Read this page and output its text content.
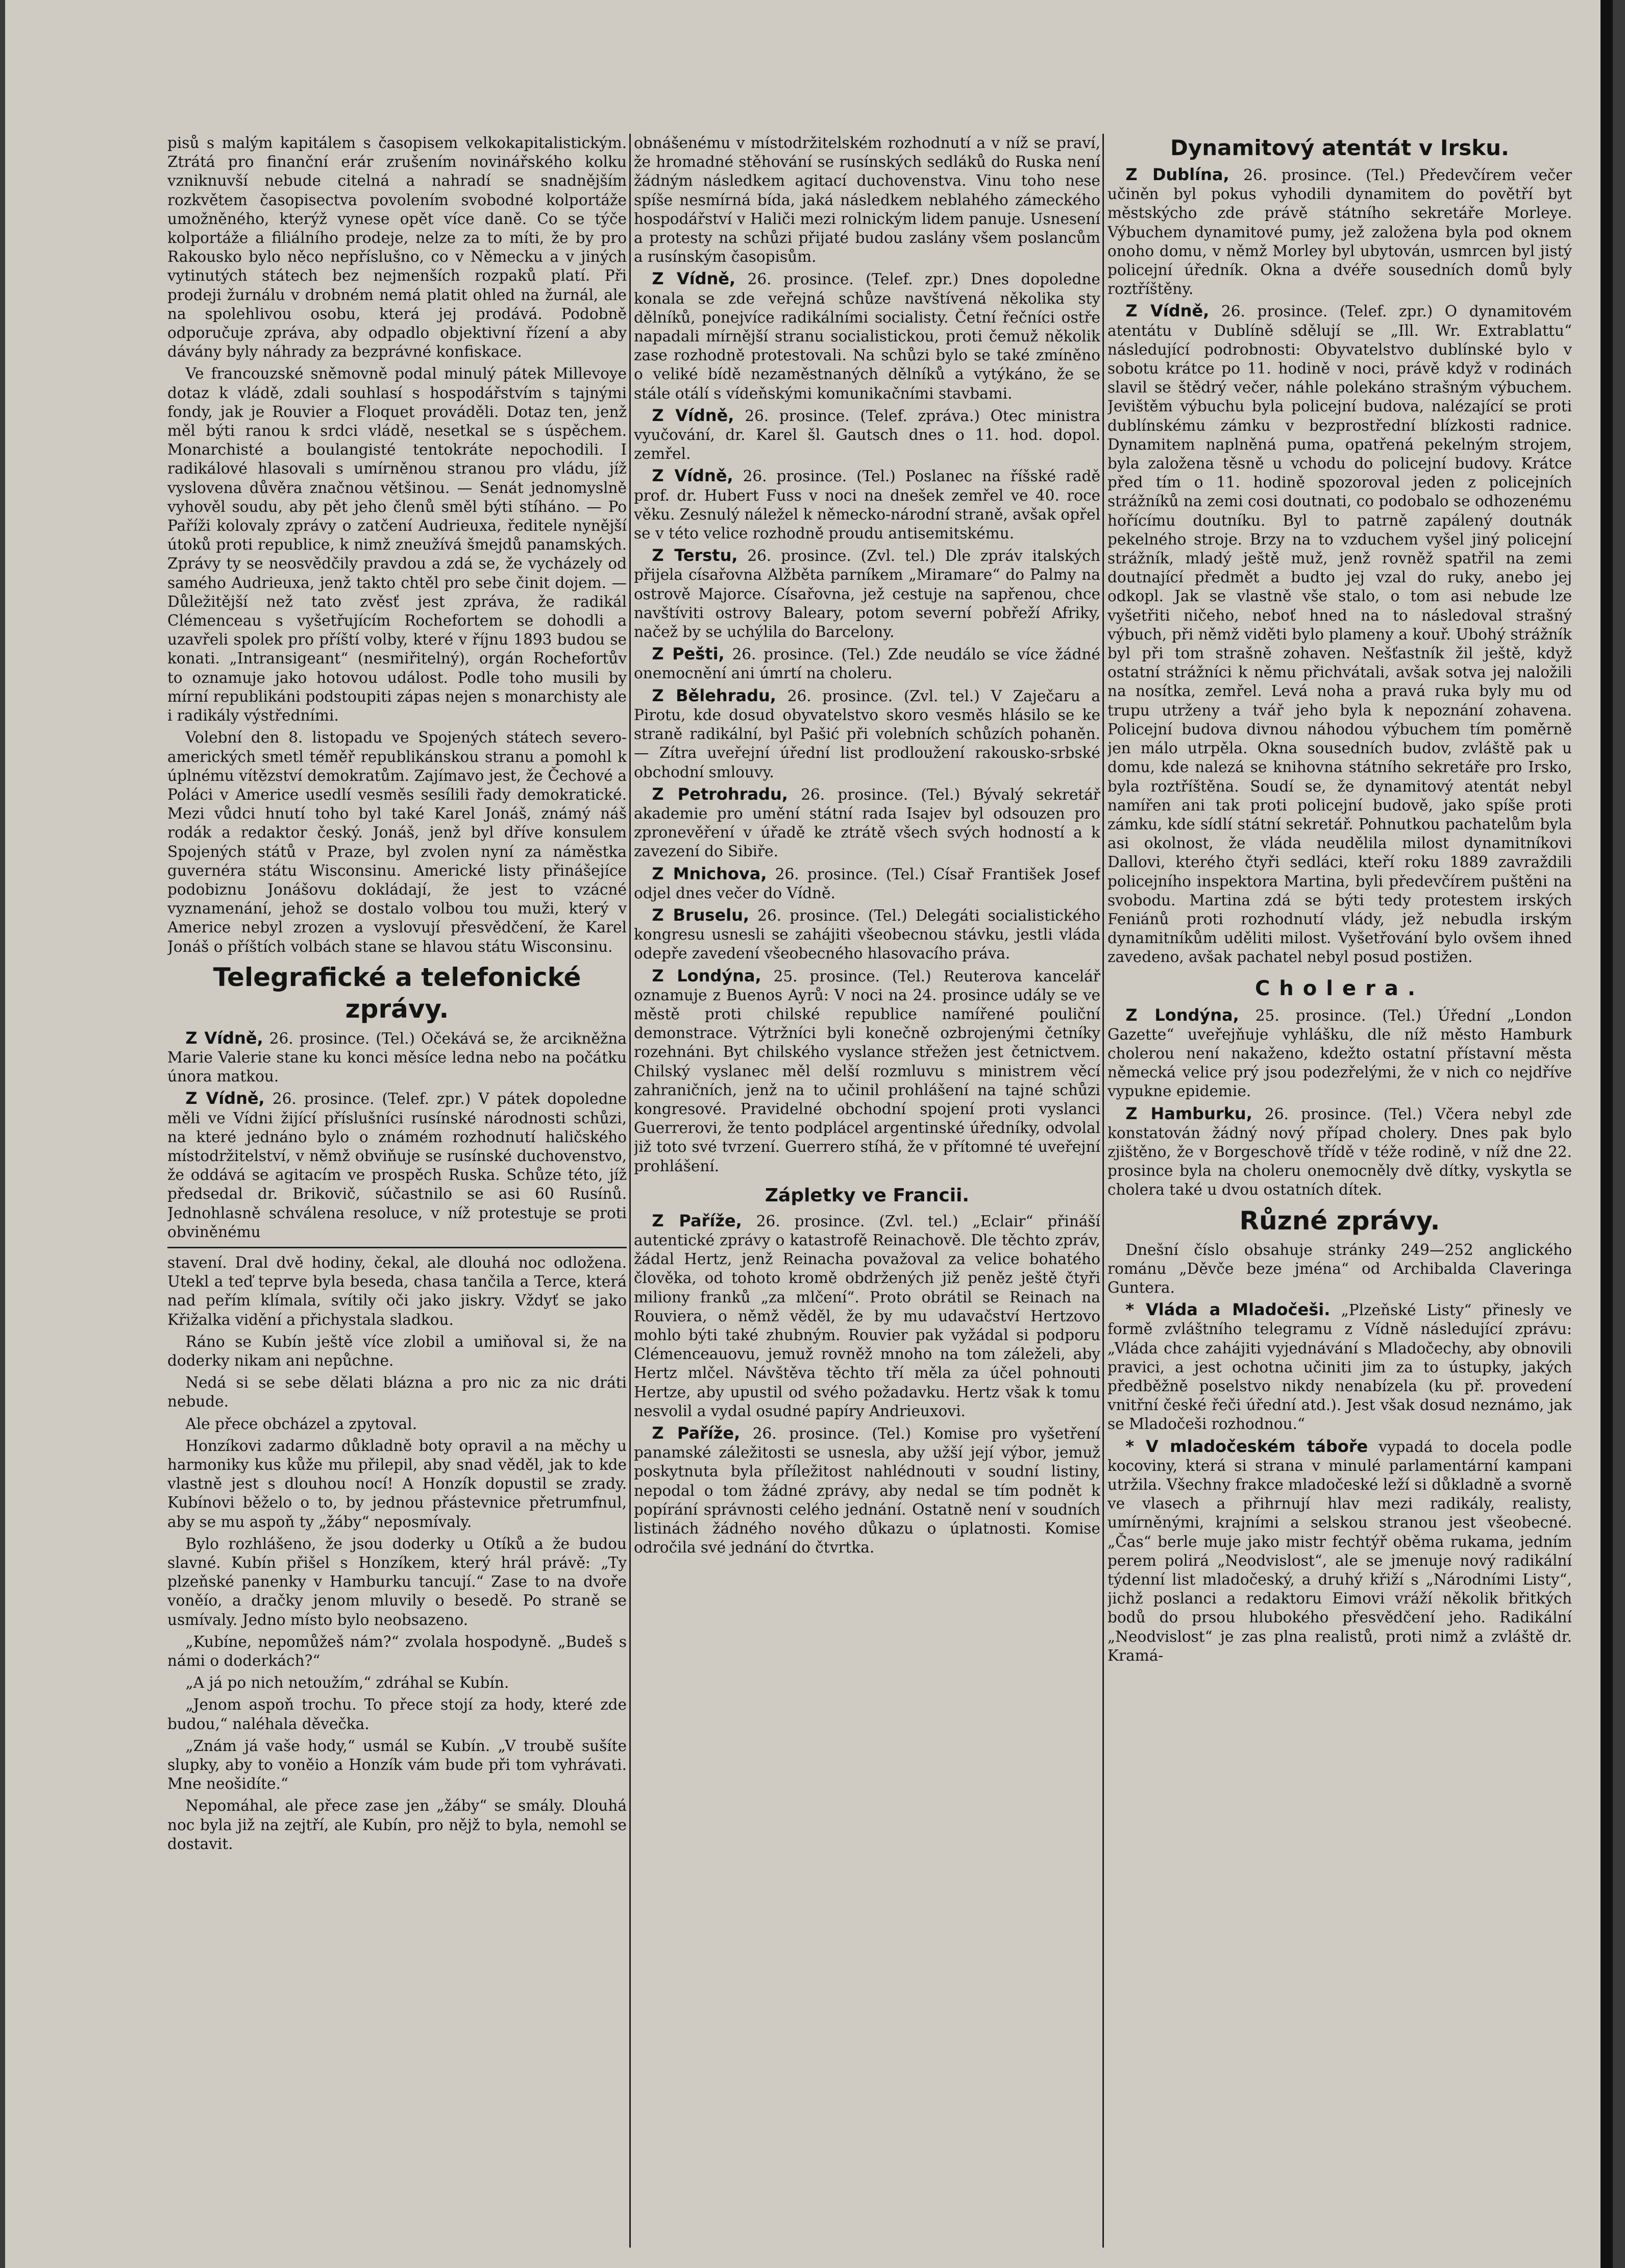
pisů s malým kapitálem s časopisem velkokapitalistickým. Ztrátá pro finanční erár zrušením novinářského kolku vzniknuvší nebude citelná a nahradí se snadnějším rozkvětem časopisectva povolením svobodné kolportáže umožněného, kterýž vynese opět více daně. Co se týče kolportáže a filiálního prodeje, nelze za to míti, že by pro Rakousko bylo něco nepříslušno, co v Německu a v jiných vytinutých státech bez nejmenších rozpaků platí. Při prodeji žurnálu v drobném nemá platit ohled na žurnál, ale na spolehlivou osobu, která jej prodává. Podobně odporučuje zpráva, aby odpadlo objektivní řízení a aby dávány byly náhrady za bezprávné konfiskace.

Ve francouzské sněmovně podal minulý pátek Millevoye dotaz k vládě, zdali souhlasí s hospodářstvím s tajnými fondy, jak je Rouvier a Floquet prováděli. Dotaz ten, jenž měl býti ranou k srdci vládě, nesetkal se s úspěchem. Monarchisté a boulangisté tentokráte nepochodili. I radikálové hlasovali s umírněnou stranou pro vládu, jíž vyslovena důvěra značnou většinou. — Senát jednomyslně vyhověl soudu, aby pět jeho členů směl býti stíháno. — Po Paříži kolovaly zprávy o zatčení Audrieuxa, ředitele nynější útoků proti republice, k nimž zneužívá šmejdů panamských. Zprávy ty se neosvědčily pravdou a zdá se, že vycházely od samého Audrieuxa, jenž takto chtěl pro sebe činit dojem. — Důležitější než tato zvěsť jest zpráva, že radikál Clémenceau s vyšetřujícím Rochefortem se dohodli a uzavřeli spolek pro příští volby, které v říjnu 1893 budou se konati. „Intransigeant“ (nesmiřitelný), orgán Rochefortův to oznamuje jako hotovou událost. Podle toho musili by mírní republikáni podstoupiti zápas nejen s monarchisty ale i radikály výstředními.

Volební den 8. listopadu ve Spojených státech severo-amerických smetl téměř republikánskou stranu a pomohl k úplnému vítězství demokratům. Zajímavo jest, že Čechové a Poláci v Americe usedlí vesměs sesílili řady demokratické. Mezi vůdci hnutí toho byl také Karel Jonáš, známý náš rodák a redaktor český. Jonáš, jenž byl dříve konsulem Spojených států v Praze, byl zvolen nyní za náměstka guvernéra státu Wisconsinu. Americké listy přinášejíce podobiznu Jonášovu dokládají, že jest to vzácné vyznamenání, jehož se dostalo volbou tou muži, který v Americe nebyl zrozen a vyslovují přesvědčení, že Karel Jonáš o příštích volbách stane se hlavou státu Wisconsinu.

Telegrafické a telefonické zprávy.

Z Vídně, 26. prosince. (Tel.) Očekává se, že arcikněžna Marie Valerie stane ku konci měsíce ledna nebo na počátku února matkou.

Z Vídně, 26. prosince. (Telef. zpr.) V pátek dopoledne měli ve Vídni žijící příslušníci rusínské národnosti schůzi, na které jednáno bylo o známém rozhodnutí haličského místodržitelství, v němž obviňuje se rusínské duchovenstvo, že oddává se agitacím ve prospěch Ruska. Schůze této, jíž předsedal dr. Brikovič, súčastnilo se asi 60 Rusínů. Jednohlasně schválena resoluce, v níž protestuje se proti obviněnému

stavení. Dral dvě hodiny, čekal, ale dlouhá noc odložena. Utekl a teď teprve byla beseda, chasa tančila a Terce, která nad peřím klímala, svítily oči jako jiskry. Vždyť se jako Křižalka vidění a přichystala sladkou.

Ráno se Kubín ještě více zlobil a umiňoval si, že na doderky nikam ani nepůchne.

Nedá si se sebe dělati blázna a pro nic za nic dráti nebude.

Ale přece obcházel a zpytoval.

Honzíkovi zadarmo důkladně boty opravil a na měchy u harmoniky kus kůže mu přilepil, aby snad věděl, jak to kde vlastně jest s dlouhou nocí! A Honzík dopustil se zrady. Kubínovi běželo o to, by jednou přástevnice přetrumfnul, aby se mu aspoň ty „žáby“ neposmívaly.

Bylo rozhlášeno, že jsou doderky u Otíků a že budou slavné. Kubín přišel s Honzíkem, který hrál právě: „Ty plzeňské panenky v Hamburku tancují.“ Zase to na dvoře voněío, a dračky jenom mluvily o besedě. Po straně se usmívaly. Jedno místo bylo neobsazeno.

„Kubíne, nepomůžeš nám?“ zvolala hospodyně. „Budeš s námi o doderkách?“

„A já po nich netoužím,“ zdráhal se Kubín.

„Jenom aspoň trochu. To přece stojí za hody, které zde budou,“ naléhala děvečka.

„Znám já vaše hody,“ usmál se Kubín. „V troubě sušíte slupky, aby to voněio a Honzík vám bude při tom vyhrávati. Mne neošidíte.“

Nepomáhal, ale přece zase jen „žáby“ se smály. Dlouhá noc byla již na zejtří, ale Kubín, pro nějž to byla, nemohl se dostavit.

obnášenému v místodržitelském rozhodnutí a v níž se praví, že hromadné stěhování se rusínských sedláků do Ruska není žádným následkem agitací duchovenstva. Vinu toho nese spíše nesmírná bída, jaká následkem neblahého zámeckého hospodářství v Haliči mezi rolnickým lidem panuje. Usnesení a protesty na schůzi přijaté budou zaslány všem poslancům a rusínským časopisům.

Z Vídně, 26. prosince. (Telef. zpr.) Dnes dopoledne konala se zde veřejná schůze navštívená několika sty dělníků, ponejvíce radikálními socialisty. Četní řečníci ostře napadali mírnější stranu socialistickou, proti čemuž několik zase rozhodně protestovali. Na schůzi bylo se také zmíněno o veliké bídě nezaměstnaných dělníků a vytýkáno, že se stále otálí s vídeňskými komunikačními stavbami.

Z Vídně, 26. prosince. (Telef. zpráva.) Otec ministra vyučování, dr. Karel šl. Gautsch dnes o 11. hod. dopol. zemřel.

Z Vídně, 26. prosince. (Tel.) Poslanec na říšské radě prof. dr. Hubert Fuss v noci na dnešek zemřel ve 40. roce věku. Zesnulý náležel k německo-národní straně, avšak opřel se v této velice rozhodně proudu antisemitskému.

Z Terstu, 26. prosince. (Zvl. tel.) Dle zpráv italských přijela císařovna Alžběta parníkem „Miramare“ do Palmy na ostrově Majorce. Císařovna, jež cestuje na sapřenou, chce navštíviti ostrovy Baleary, potom severní pobřeží Afriky, načež by se uchýlila do Barcelony.

Z Pešti, 26. prosince. (Tel.) Zde neudálo se více žádné onemocnění ani úmrtí na choleru.

Z Bělehradu, 26. prosince. (Zvl. tel.) V Zaječaru a Pirotu, kde dosud obyvatelstvo skoro vesměs hlásilo se ke straně radikální, byl Pašić při volebních schůzích pohaněn. — Zítra uveřejní úřední list prodloužení rakousko-srbské obchodní smlouvy.

Z Petrohradu, 26. prosince. (Tel.) Bývalý sekretář akademie pro umění státní rada Isajev byl odsouzen pro zpronevěření v úřadě ke ztrátě všech svých hodností a k zavezení do Sibiře.

Z Mnichova, 26. prosince. (Tel.) Císař František Josef odjel dnes večer do Vídně.

Z Bruselu, 26. prosince. (Tel.) Delegáti socialistického kongresu usnesli se zahájiti všeobecnou stávku, jestli vláda odepře zavedení všeobecného hlasovacího práva.

Z Londýna, 25. prosince. (Tel.) Reuterova kancelář oznamuje z Buenos Ayrů: V noci na 24. prosince udály se ve městě proti chilské republice namířené pouliční demonstrace. Výtržníci byli konečně ozbrojenými četníky rozehnáni. Byt chilského vyslance střežen jest četnictvem. Chilský vyslanec měl delší rozmluvu s ministrem věcí zahraničních, jenž na to učinil prohlášení na tajné schůzi kongresové. Pravidelné obchodní spojení proti vyslanci Guerrerovi, že tento podplácel argentinské úředníky, odvolal již toto své tvrzení. Guerrero stíhá, že v přítomné té uveřejní prohlášení.

Zápletky ve Francii.

Z Paříže, 26. prosince. (Zvl. tel.) „Eclair“ přináší autentické zprávy o katastrofě Reinachově. Dle těchto zpráv, žádal Hertz, jenž Reinacha považoval za velice bohatého člověka, od tohoto kromě obdržených již peněz ještě čtyři miliony franků „za mlčení“. Proto obrátil se Reinach na Rouviera, o němž věděl, že by mu udavačství Hertzovo mohlo býti také zhubným. Rouvier pak vyžádal si podporu Clémenceauovu, jemuž rovněž mnoho na tom záleželi, aby Hertz mlčel. Návštěva těchto tří měla za účel pohnouti Hertze, aby upustil od svého požadavku. Hertz však k tomu nesvolil a vydal osudné papíry Andrieuxovi.

Z Paříže, 26. prosince. (Tel.) Komise pro vyšetření panamské záležitosti se usnesla, aby užší její výbor, jemuž poskytnuta byla příležitost nahlédnouti v soudní listiny, nepodal o tom žádné zprávy, aby nedal se tím podnět k popírání správnosti celého jednání. Ostatně není v soudních listinách žádného nového důkazu o úplatnosti. Komise odročila své jednání do čtvrtka.

Dynamitový atentát v Irsku.

Z Dublína, 26. prosince. (Tel.) Předevčírem večer učiněn byl pokus vyhodili dynamitem do povětří byt městskýcho zde právě státního sekretáře Morleye. Výbuchem dynamitové pumy, jež založena byla pod oknem onoho domu, v němž Morley byl ubytován, usmrcen byl jistý policejní úředník. Okna a dvéře sousedních domů byly roztříštěny.

Z Vídně, 26. prosince. (Telef. zpr.) O dynamitovém atentátu v Dublíně sdělují se „Ill. Wr. Extrablattu“ následující podrobnosti: Obyvatelstvo dublínské bylo v sobotu krátce po 11. hodině v noci, právě když v rodinách slavil se štědrý večer, náhle polekáno strašným výbuchem. Jevištěm výbuchu byla policejní budova, nalézající se proti dublínskému zámku v bezprostřední blízkosti radnice. Dynamitem naplněná puma, opatřená pekelným strojem, byla založena těsně u vchodu do policejní budovy. Krátce před tím o 11. hodině spozoroval jeden z policejních strážníků na zemi cosi doutnati, co podobalo se odhozenému hořícímu doutníku. Byl to patrně zapálený doutnák pekelného stroje. Brzy na to vzduchem vyšel jiný policejní strážník, mladý ještě muž, jenž rovněž spatřil na zemi doutnající předmět a budto jej vzal do ruky, anebo jej odkopl. Jak se vlastně vše stalo, o tom asi nebude lze vyšetřiti ničeho, neboť hned na to následoval strašný výbuch, při němž viděti bylo plameny a kouř. Ubohý strážník byl při tom strašně zohaven. Nešťastník žil ještě, když ostatní strážníci k němu přichvátali, avšak sotva jej naložili na nosítka, zemřel. Levá noha a pravá ruka byly mu od trupu utrženy a tvář jeho byla k nepoznání zohavena. Policejní budova divnou náhodou výbuchem tím poměrně jen málo utrpěla. Okna sousedních budov, zvláště pak u domu, kde nalezá se knihovna státního sekretáře pro Irsko, byla roztříštěna. Soudí se, že dynamitový atentát nebyl namířen ani tak proti policejní budově, jako spíše proti zámku, kde sídlí státní sekretář. Pohnutkou pachatelům byla asi okolnost, že vláda neudělila milost dynamitníkovi Dallovi, kterého čtyři sedláci, kteří roku 1889 zavraždili policejního inspektora Martina, byli předevčírem puštěni na svobodu. Martina zdá se býti tedy protestem irských Feniánů proti rozhodnutí vlády, jež nebudla irským dynamitníkům uděliti milost. Vyšetřování bylo ovšem ihned zavedeno, avšak pachatel nebyl posud postižen.

Cholera.

Z Londýna, 25. prosince. (Tel.) Úřední „London Gazette“ uveřejňuje vyhlášku, dle níž město Hamburk cholerou není nakaženo, kdežto ostatní přístavní města německá velice prý jsou podezřelými, že v nich co nejdříve vypukne epidemie.

Z Hamburku, 26. prosince. (Tel.) Včera nebyl zde konstatován žádný nový případ cholery. Dnes pak bylo zjištěno, že v Borgeschově třídě v téže rodině, v níž dne 22. prosince byla na choleru onemocněly dvě dítky, vyskytla se cholera také u dvou ostatních dítek.

Různé zprávy.

Dnešní číslo obsahuje stránky 249—252 anglického románu „Děvče beze jména“ od Archibalda Claveringa Guntera.

* Vláda a Mladočeši. „Plzeňské Listy“ přinesly ve formě zvláštního telegramu z Vídně následující zprávu: „Vláda chce zahájiti vyjednávání s Mladočechy, aby obnovili pravici, a jest ochotna učiniti jim za to ústupky, jakých předběžně poselstvo nikdy nenabízela (ku př. provedení vnitřní české řeči úřední atd.). Jest však dosud neznámo, jak se Mladočeši rozhodnou.“

* V mladočeském táboře vypadá to docela podle kocoviny, která si strana v minulé parlamentární kampani utržila. Všechny frakce mladočeské leží si důkladně a svorně ve vlasech a přihrnují hlav mezi radikály, realisty, umírněnými, krajními a selskou stranou jest všeobecné. „Čas“ berle muje jako mistr fechtýř oběma rukama, jedním perem polirá „Neodvislost“, ale se jmenuje nový radikální týdenní list mladočeský, a druhý křiží s „Národními Listy“, jichž poslanci a redaktoru Eimovi vráží několik břitkých bodů do prsou hlubokého přesvědčení jeho. Radikální „Neodvislost“ je zas plna realistů, proti nimž a zvláště dr. Kramá-
